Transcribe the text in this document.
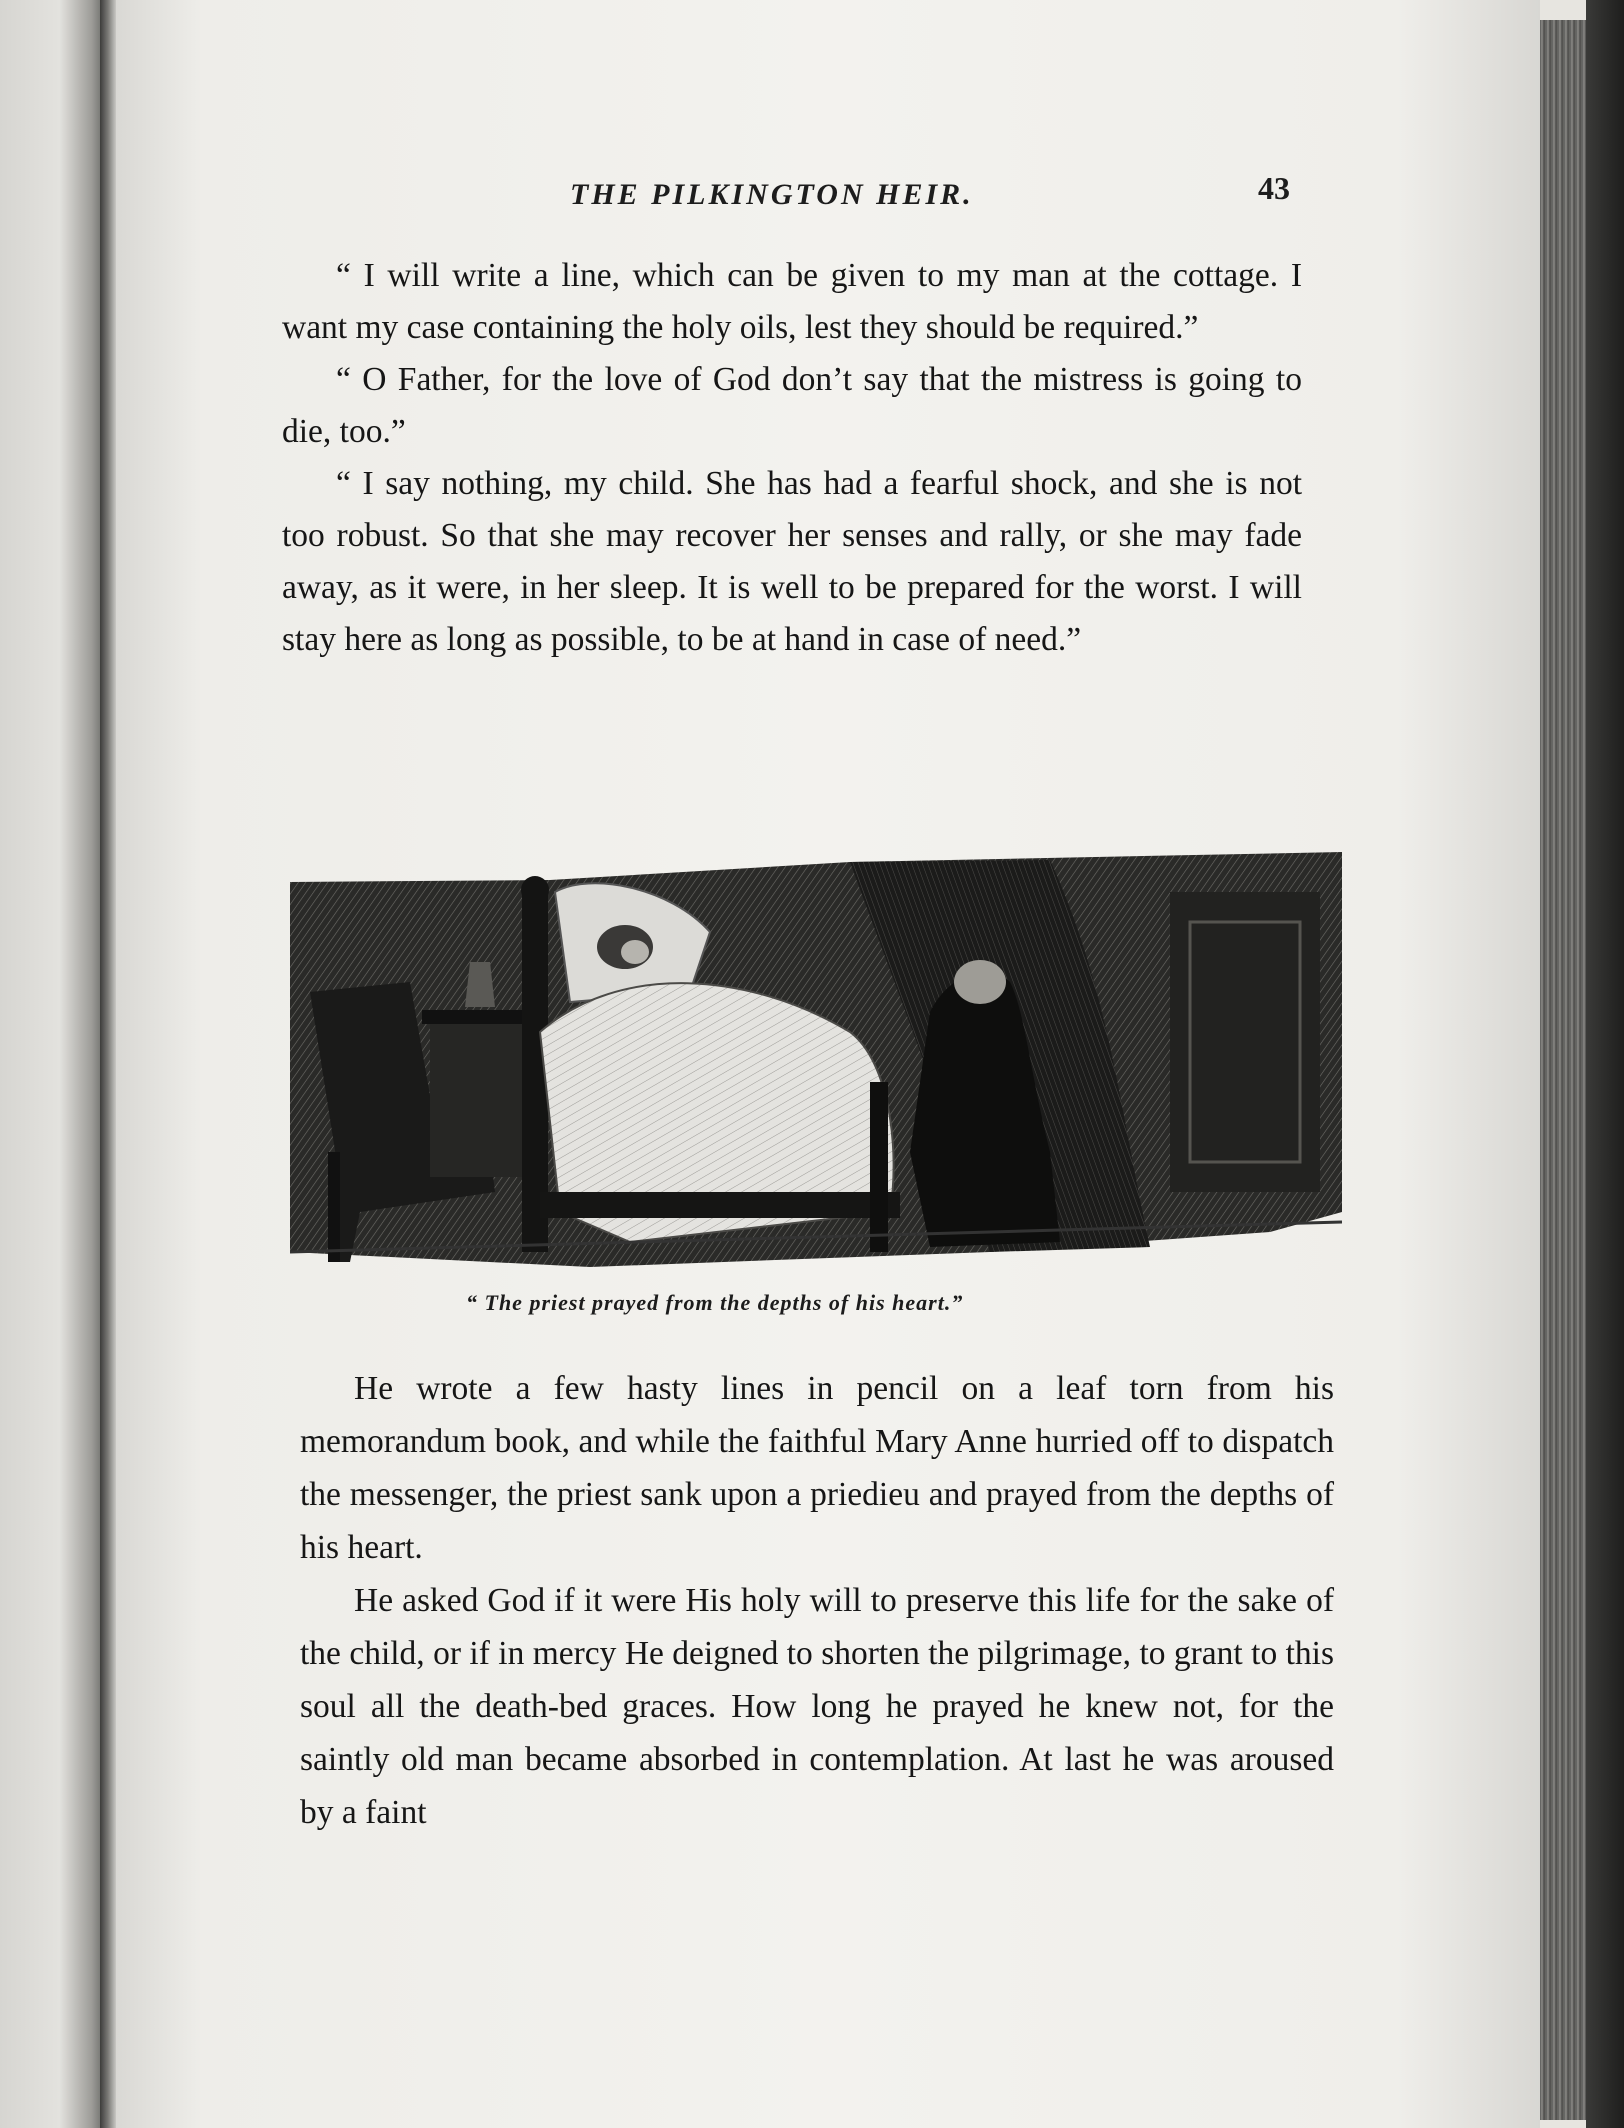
THE PILKINGTON HEIR.	43

“ I will write a line, which can be given to my man at the cottage. I want my case containing the holy oils, lest they should be required.”

“ O Father, for the love of God don’t say that the mistress is going to die, too.”

“ I say nothing, my child. She has had a fearful shock, and she is not too robust. So that she may recover her senses and rally, or she may fade away, as it were, in her sleep. It is well to be prepared for the worst. I will stay here as long as possible, to be at hand in case of need.”

“ The priest prayed from the depths of his heart.”

He wrote a few hasty lines in pencil on a leaf torn from his memorandum book, and while the faithful Mary Anne hurried off to dispatch the messenger, the priest sank upon a priedieu and prayed from the depths of his heart.

He asked God if it were His holy will to preserve this life for the sake of the child, or if in mercy He deigned to shorten the pilgrimage, to grant to this soul all the death-bed graces. How long he prayed he knew not, for the saintly old man became absorbed in contemplation. At last he was aroused by a faint
